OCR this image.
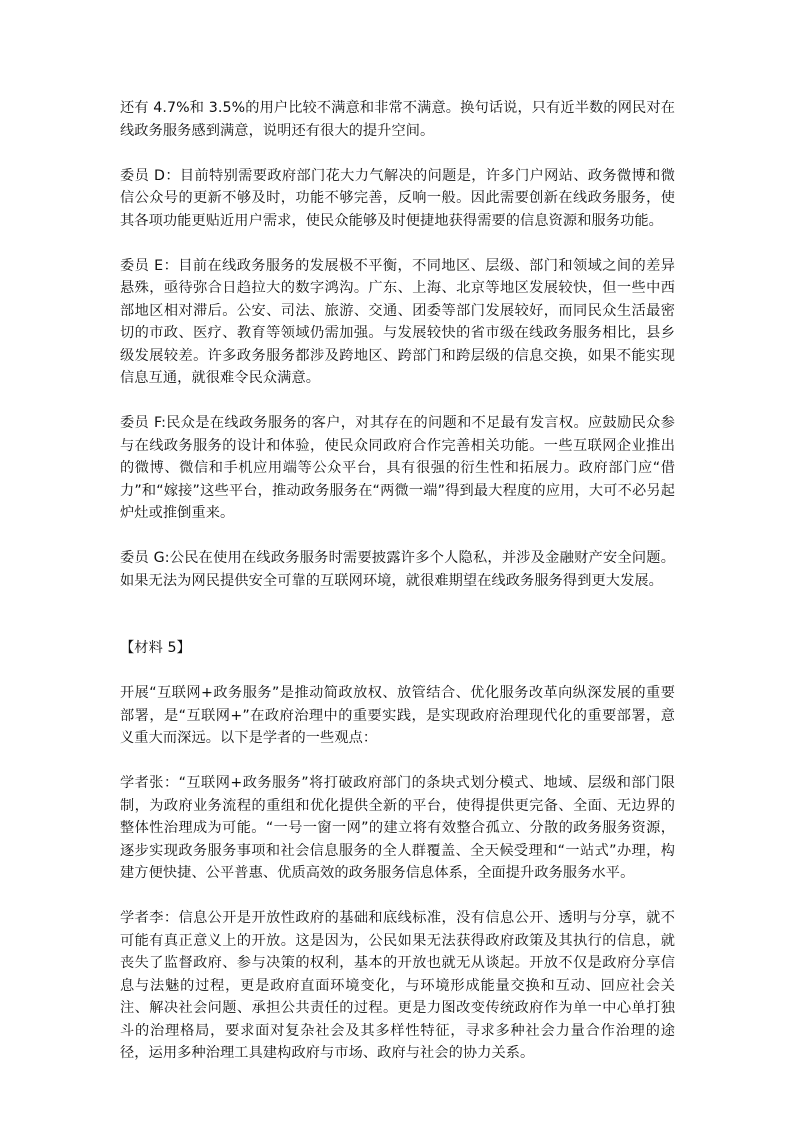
还有 4.7%和 3.5%的用户比较不满意和非常不满意。换句话说，只有近半数的网民对在线政务服务感到满意，说明还有很大的提升空间。

委员 D：目前特别需要政府部门花大力气解决的问题是，许多门户网站、政务微博和微信公众号的更新不够及时，功能不够完善，反响一般。因此需要创新在线政务服务，使其各项功能更贴近用户需求，使民众能够及时便捷地获得需要的信息资源和服务功能。

委员 E：目前在线政务服务的发展极不平衡，不同地区、层级、部门和领域之间的差异悬殊，亟待弥合日趋拉大的数字鸿沟。广东、上海、北京等地区发展较快，但一些中西部地区相对滞后。公安、司法、旅游、交通、团委等部门发展较好，而同民众生活最密切的市政、医疗、教育等领域仍需加强。与发展较快的省市级在线政务服务相比，县乡级发展较差。许多政务服务都涉及跨地区、跨部门和跨层级的信息交换，如果不能实现信息互通，就很难令民众满意。

委员 F:民众是在线政务服务的客户，对其存在的问题和不足最有发言权。应鼓励民众参与在线政务服务的设计和体验，使民众同政府合作完善相关功能。一些互联网企业推出的微博、微信和手机应用端等公众平台，具有很强的衍生性和拓展力。政府部门应“借力”和“嫁接”这些平台，推动政务服务在“两微一端”得到最大程度的应用，大可不必另起炉灶或推倒重来。

委员 G:公民在使用在线政务服务时需要披露许多个人隐私，并涉及金融财产安全问题。如果无法为网民提供安全可靠的互联网环境，就很难期望在线政务服务得到更大发展。

【材料 5】

开展“互联网+政务服务”是推动简政放权、放管结合、优化服务改革向纵深发展的重要部署，是“互联网+”在政府治理中的重要实践，是实现政府治理现代化的重要部署，意义重大而深远。以下是学者的一些观点：

学者张：“互联网+政务服务”将打破政府部门的条块式划分模式、地域、层级和部门限制，为政府业务流程的重组和优化提供全新的平台，使得提供更完备、全面、无边界的整体性治理成为可能。“一号一窗一网”的建立将有效整合孤立、分散的政务服务资源，逐步实现政务服务事项和社会信息服务的全人群覆盖、全天候受理和“一站式”办理，构建方便快捷、公平普惠、优质高效的政务服务信息体系，全面提升政务服务水平。

学者李：信息公开是开放性政府的基础和底线标准，没有信息公开、透明与分享，就不可能有真正意义上的开放。这是因为，公民如果无法获得政府政策及其执行的信息，就丧失了监督政府、参与决策的权利，基本的开放也就无从谈起。开放不仅是政府分享信息与法魅的过程，更是政府直面环境变化，与环境形成能量交换和互动、回应社会关注、解决社会问题、承担公共责任的过程。更是力图改变传统政府作为单一中心单打独斗的治理格局，要求面对复杂社会及其多样性特征，寻求多种社会力量合作治理的途径，运用多种治理工具建构政府与市场、政府与社会的协力关系。
